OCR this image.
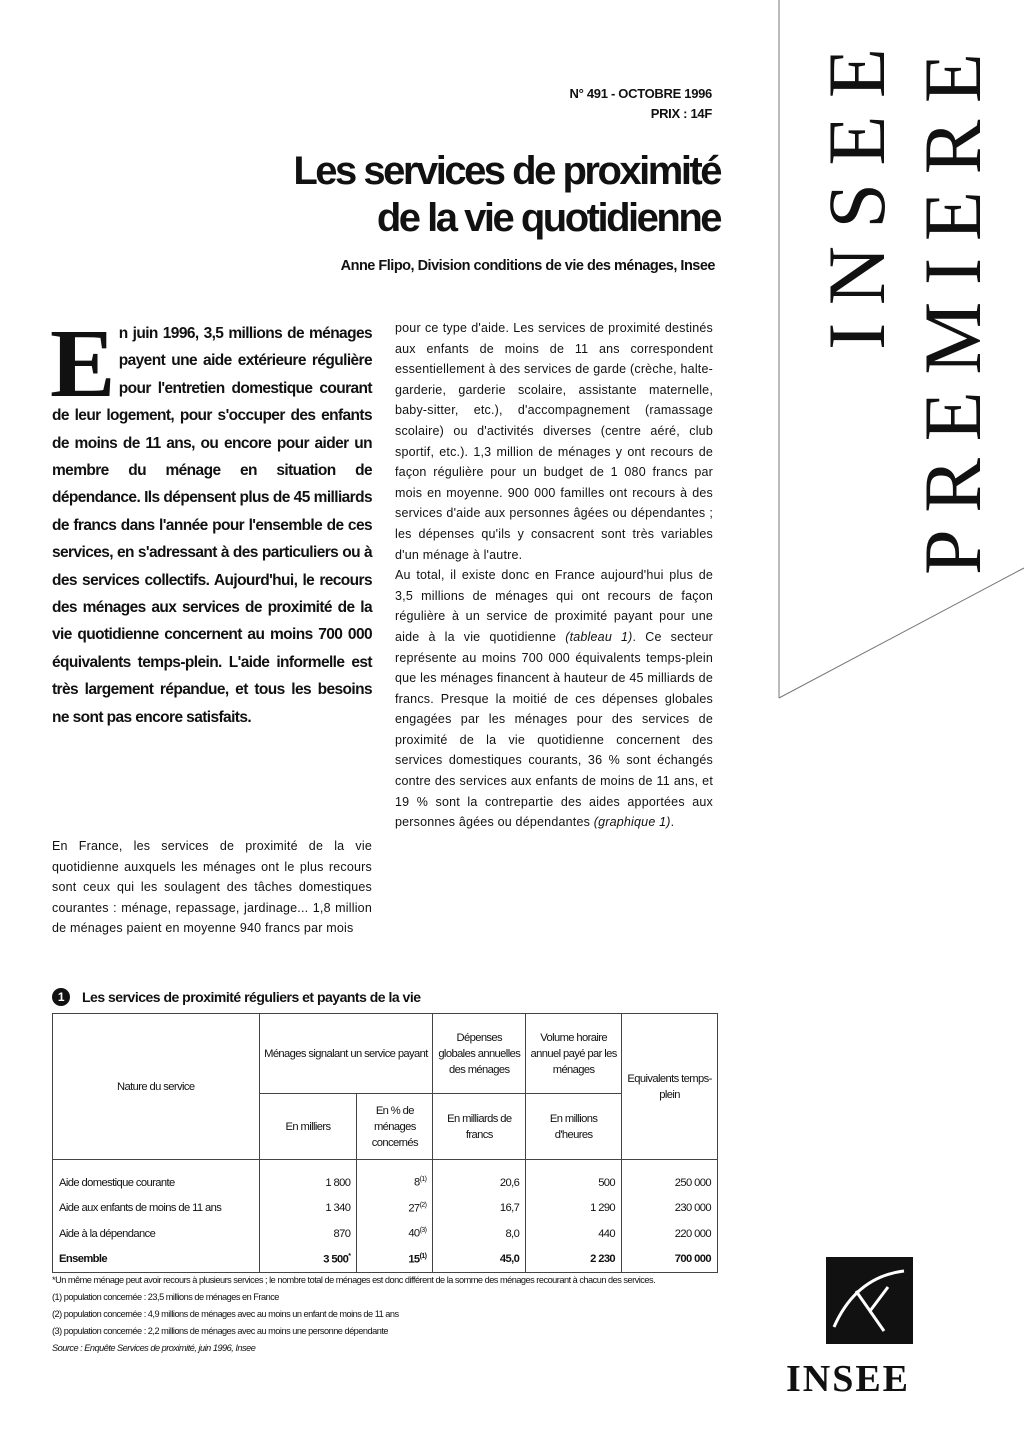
N° 491 - OCTOBRE 1996
PRIX : 14F
Les services de proximité
de la vie quotidienne
Anne Flipo, Division conditions de vie des ménages, Insee
INSEE
PREMIERE
E n juin 1996, 3,5 millions de ménages payent une aide extérieure régulière pour l'entretien domestique courant de leur logement, pour s'occuper des enfants de moins de 11 ans, ou encore pour aider un membre du ménage en situation de dépendance. Ils dépensent plus de 45 milliards de francs dans l'année pour l'ensemble de ces services, en s'adressant à des particuliers ou à des services collectifs. Aujourd'hui, le recours des ménages aux services de proximité de la vie quotidienne concernent au moins 700 000 équivalents temps-plein. L'aide informelle est très largement répandue, et tous les besoins ne sont pas encore satisfaits.
En France, les services de proximité de la vie quotidienne auxquels les ménages ont le plus recours sont ceux qui les soulagent des tâches domestiques courantes : ménage, repassage, jardinage... 1,8 million de ménages paient en moyenne 940 francs par mois

pour ce type d'aide. Les services de proximité destinés aux enfants de moins de 11 ans correspondent essentiellement à des services de garde (crèche, halte-garderie, garderie scolaire, assistante maternelle, baby-sitter, etc.), d'accompagnement (ramassage scolaire) ou d'activités diverses (centre aéré, club sportif, etc.). 1,3 million de ménages y ont recours de façon régulière pour un budget de 1 080 francs par mois en moyenne. 900 000 familles ont recours à des services d'aide aux personnes âgées ou dépendantes ; les dépenses qu'ils y consacrent sont très variables d'un ménage à l'autre.

Au total, il existe donc en France aujourd'hui plus de 3,5 millions de ménages qui ont recours de façon régulière à un service de proximité payant pour une aide à la vie quotidienne (tableau 1). Ce secteur représente au moins 700 000 équivalents temps-plein que les ménages financent à hauteur de 45 milliards de francs. Presque la moitié de ces dépenses globales engagées par les ménages pour des services de proximité de la vie quotidienne concernent des services domestiques courants, 36 % sont échangés contre des services aux enfants de moins de 11 ans, et 19 % sont la contrepartie des aides apportées aux personnes âgées ou dépendantes (graphique 1).

1	Les services de proximité réguliers et payants de la vie
Nature du service	Ménages signalant un service payant		Dépenses globales annuelles des ménages	Volume horaire annuel payé par les ménages	Equivalents temps-plein
	En milliers	En % de ménages concernés	En milliards de francs	En millions d'heures	

Aide domestique courante	1 800	8$^{(1)}$	20,6	500	250 000
Aide aux enfants de moins de 11 ans	1 340	27$^{(2)}$	16,7	1 290	230 000
Aide à la dépendance	870	40$^{(3)}$	8,0	440	220 000
Ensemble	3 500*	15$^{(1)}$	45,0	2 230	700 000
*Un même ménage peut avoir recours à plusieurs services ; le nombre total de ménages est donc différent de la somme des ménages recourant à chacun des services.
(1) population concernée : 23,5 millions de ménages en France
(2) population concernée : 4,9 millions de ménages avec au moins un enfant de moins de 11 ans
(3) population concernée : 2,2 millions de ménages avec au moins une personne dépendante
Source : Enquête Services de proximité, juin 1996, Insee
INSEE
